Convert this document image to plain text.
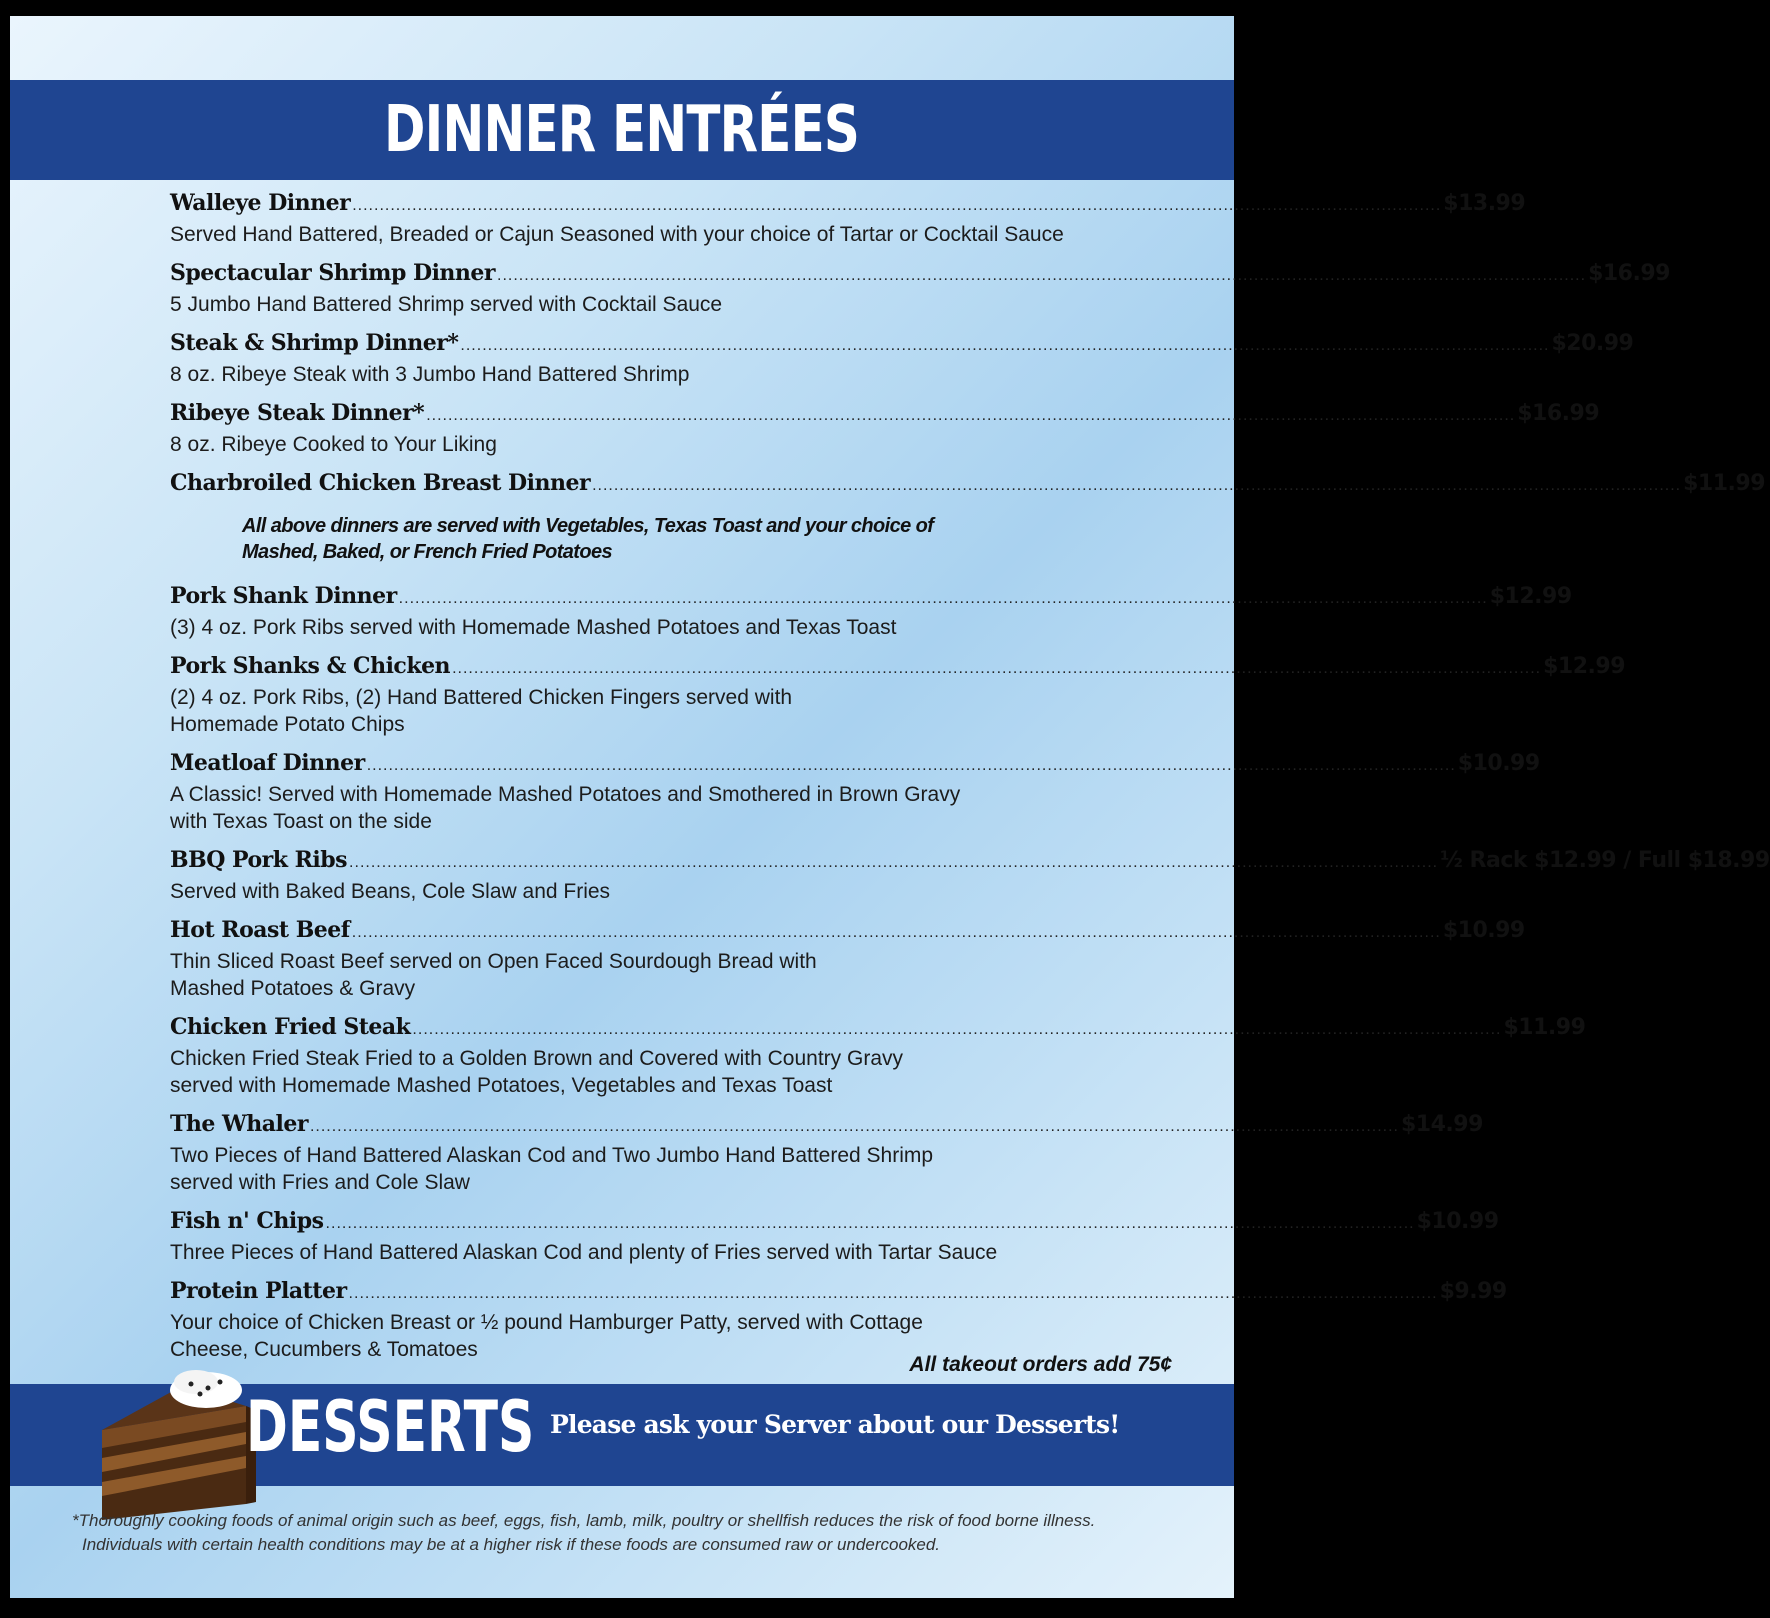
DINNER ENTRÉES
Walleye Dinner ........................................................................................................................................................................................................ $13.99
Served Hand Battered, Breaded or Cajun Seasoned with your choice of Tartar or Cocktail Sauce
Spectacular Shrimp Dinner ........................................................................................................................................................................................................ $16.99
5 Jumbo Hand Battered Shrimp served with Cocktail Sauce
Steak & Shrimp Dinner* ........................................................................................................................................................................................................ $20.99
8 oz. Ribeye Steak with 3 Jumbo Hand Battered Shrimp
Ribeye Steak Dinner* ........................................................................................................................................................................................................ $16.99
8 oz. Ribeye Cooked to Your Liking
Charbroiled Chicken Breast Dinner ........................................................................................................................................................................................................ $11.99
All above dinners are served with Vegetables, Texas Toast and your choice of
Mashed, Baked, or French Fried Potatoes
Pork Shank Dinner ........................................................................................................................................................................................................ $12.99
(3) 4 oz. Pork Ribs served with Homemade Mashed Potatoes and Texas Toast
Pork Shanks & Chicken ........................................................................................................................................................................................................ $12.99
(2) 4 oz. Pork Ribs, (2) Hand Battered Chicken Fingers served with
Homemade Potato Chips
Meatloaf Dinner ........................................................................................................................................................................................................ $10.99
A Classic! Served with Homemade Mashed Potatoes and Smothered in Brown Gravy
with Texas Toast on the side
BBQ Pork Ribs ........................................................................................................................................................................................................ ½ Rack $12.99 / Full $18.99
Served with Baked Beans, Cole Slaw and Fries
Hot Roast Beef ........................................................................................................................................................................................................ $10.99
Thin Sliced Roast Beef served on Open Faced Sourdough Bread with
Mashed Potatoes & Gravy
Chicken Fried Steak ........................................................................................................................................................................................................ $11.99
Chicken Fried Steak Fried to a Golden Brown and Covered with Country Gravy
served with Homemade Mashed Potatoes, Vegetables and Texas Toast
The Whaler ........................................................................................................................................................................................................ $14.99
Two Pieces of Hand Battered Alaskan Cod and Two Jumbo Hand Battered Shrimp
served with Fries and Cole Slaw
Fish n' Chips ........................................................................................................................................................................................................ $10.99
Three Pieces of Hand Battered Alaskan Cod and plenty of Fries served with Tartar Sauce
Protein Platter ........................................................................................................................................................................................................ $9.99
Your choice of Chicken Breast or ½ pound Hamburger Patty, served with Cottage
Cheese, Cucumbers & Tomatoes
All takeout orders add 75¢
DESSERTS Please ask your Server about our Desserts!
*Thoroughly cooking foods of animal origin such as beef, eggs, fish, lamb, milk, poultry or shellfish reduces the risk of food borne illness.
Individuals with certain health conditions may be at a higher risk if these foods are consumed raw or undercooked.
